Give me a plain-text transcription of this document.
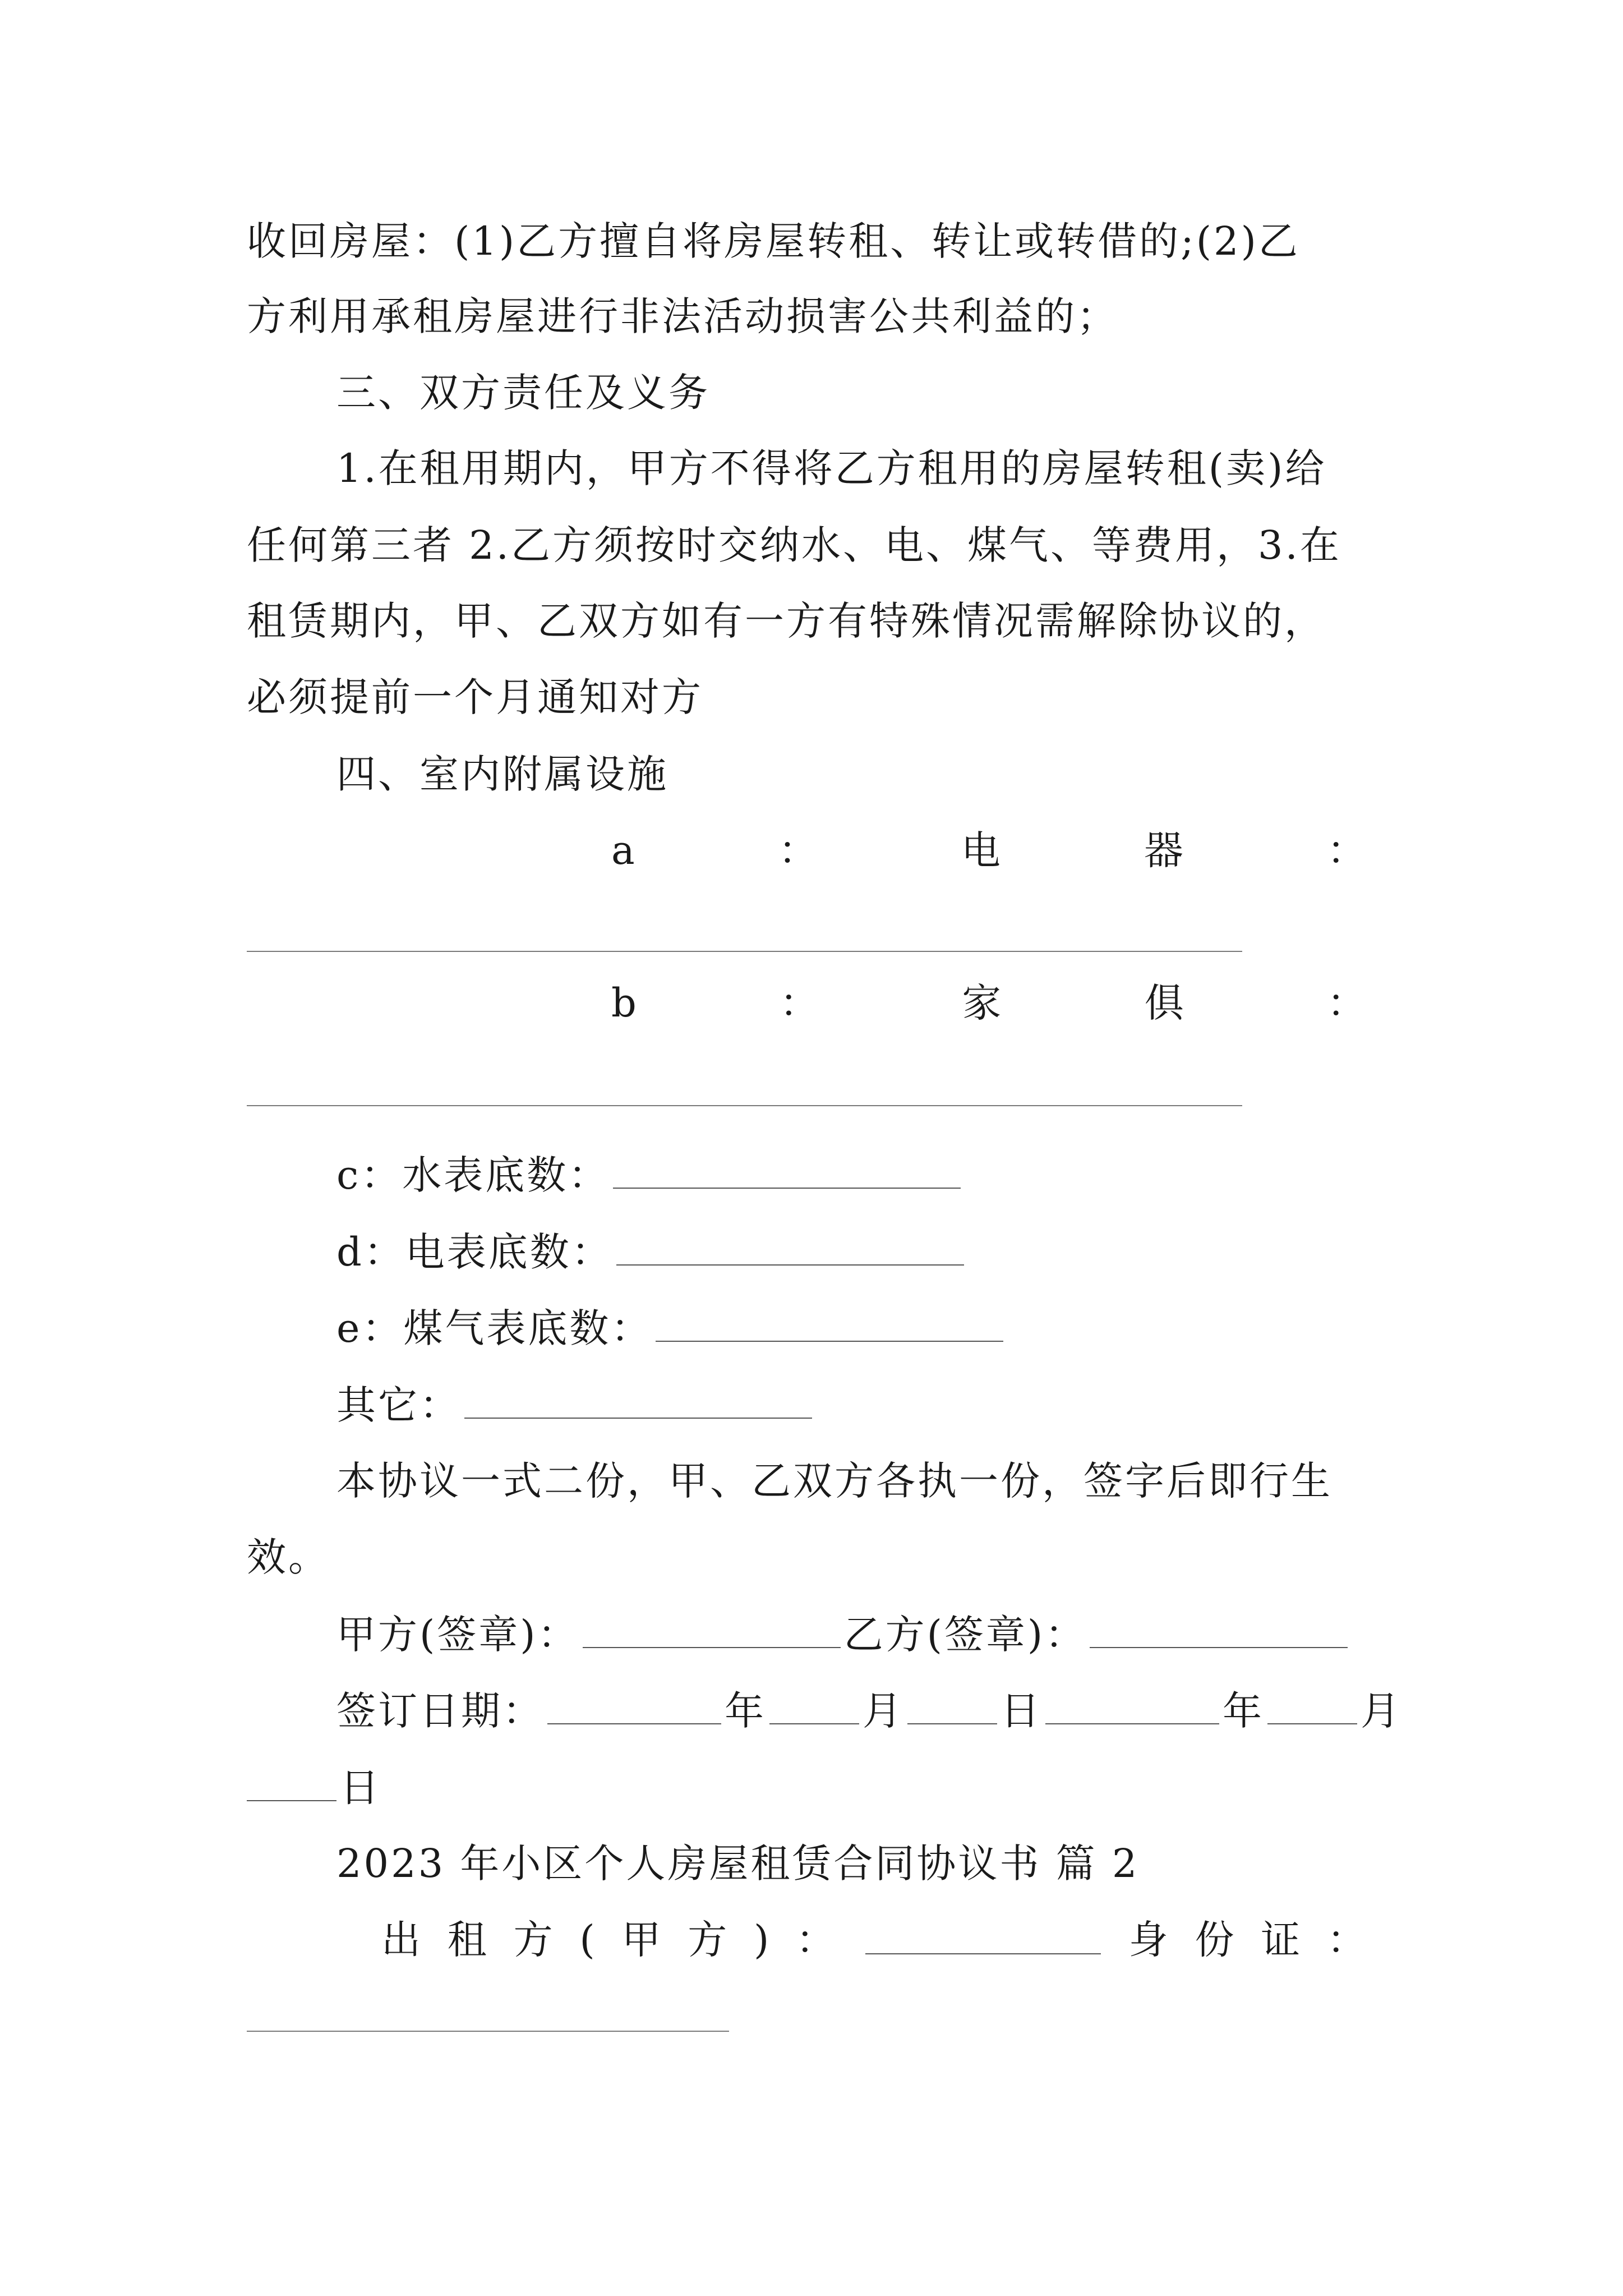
收回房屋：(1)乙方擅自将房屋转租、转让或转借的;(2)乙
方利用承租房屋进行非法活动损害公共利益的；
三、双方责任及义务
1.在租用期内，甲方不得将乙方租用的房屋转租(卖)给
任何第三者 2.乙方须按时交纳水、电、煤气、等费用，3.在
租赁期内，甲、乙双方如有一方有特殊情况需解除协议的，
必须提前一个月通知对方
四、室内附属设施
a	：	电	器	：
b	：	家	俱	：
c：水表底数：
d：电表底数：
e：煤气表底数：
其它：
本协议一式二份，甲、乙双方各执一份，签字后即行生
效。
甲方(签章)：	乙方(签章)：
签订日期：	年 月 日	年 月
日
2023 年小区个人房屋租赁合同协议书 篇 2
出 租 方 ( 甲 方 ) ：	身 份 证 ：
